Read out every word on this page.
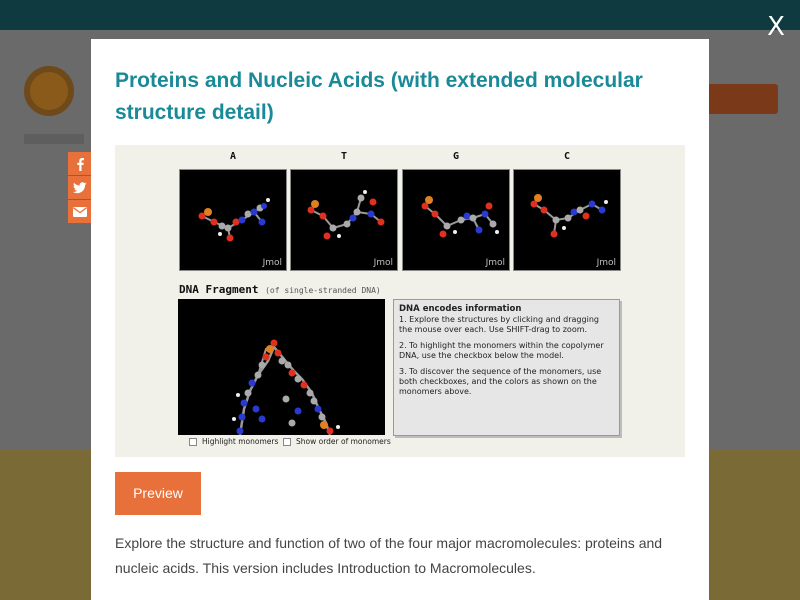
X
Proteins and Nucleic Acids (with extended molecular structure detail)
A
Jmol
T
Jmol
G
Jmol
C
Jmol
DNA Fragment (of single-stranded DNA)
DNA encodes information
1. Explore the structures by clicking and dragging the mouse over each. Use SHIFT-drag to zoom.
2. To highlight the monomers within the copolymer DNA, use the checkbox below the model.
3. To discover the sequence of the monomers, use both checkboxes, and the colors as shown on the monomers above.
Highlight monomers Show order of monomers
Preview
Explore the structure and function of two of the four major macromolecules: proteins and nucleic acids. This version includes Introduction to Macromolecules.
